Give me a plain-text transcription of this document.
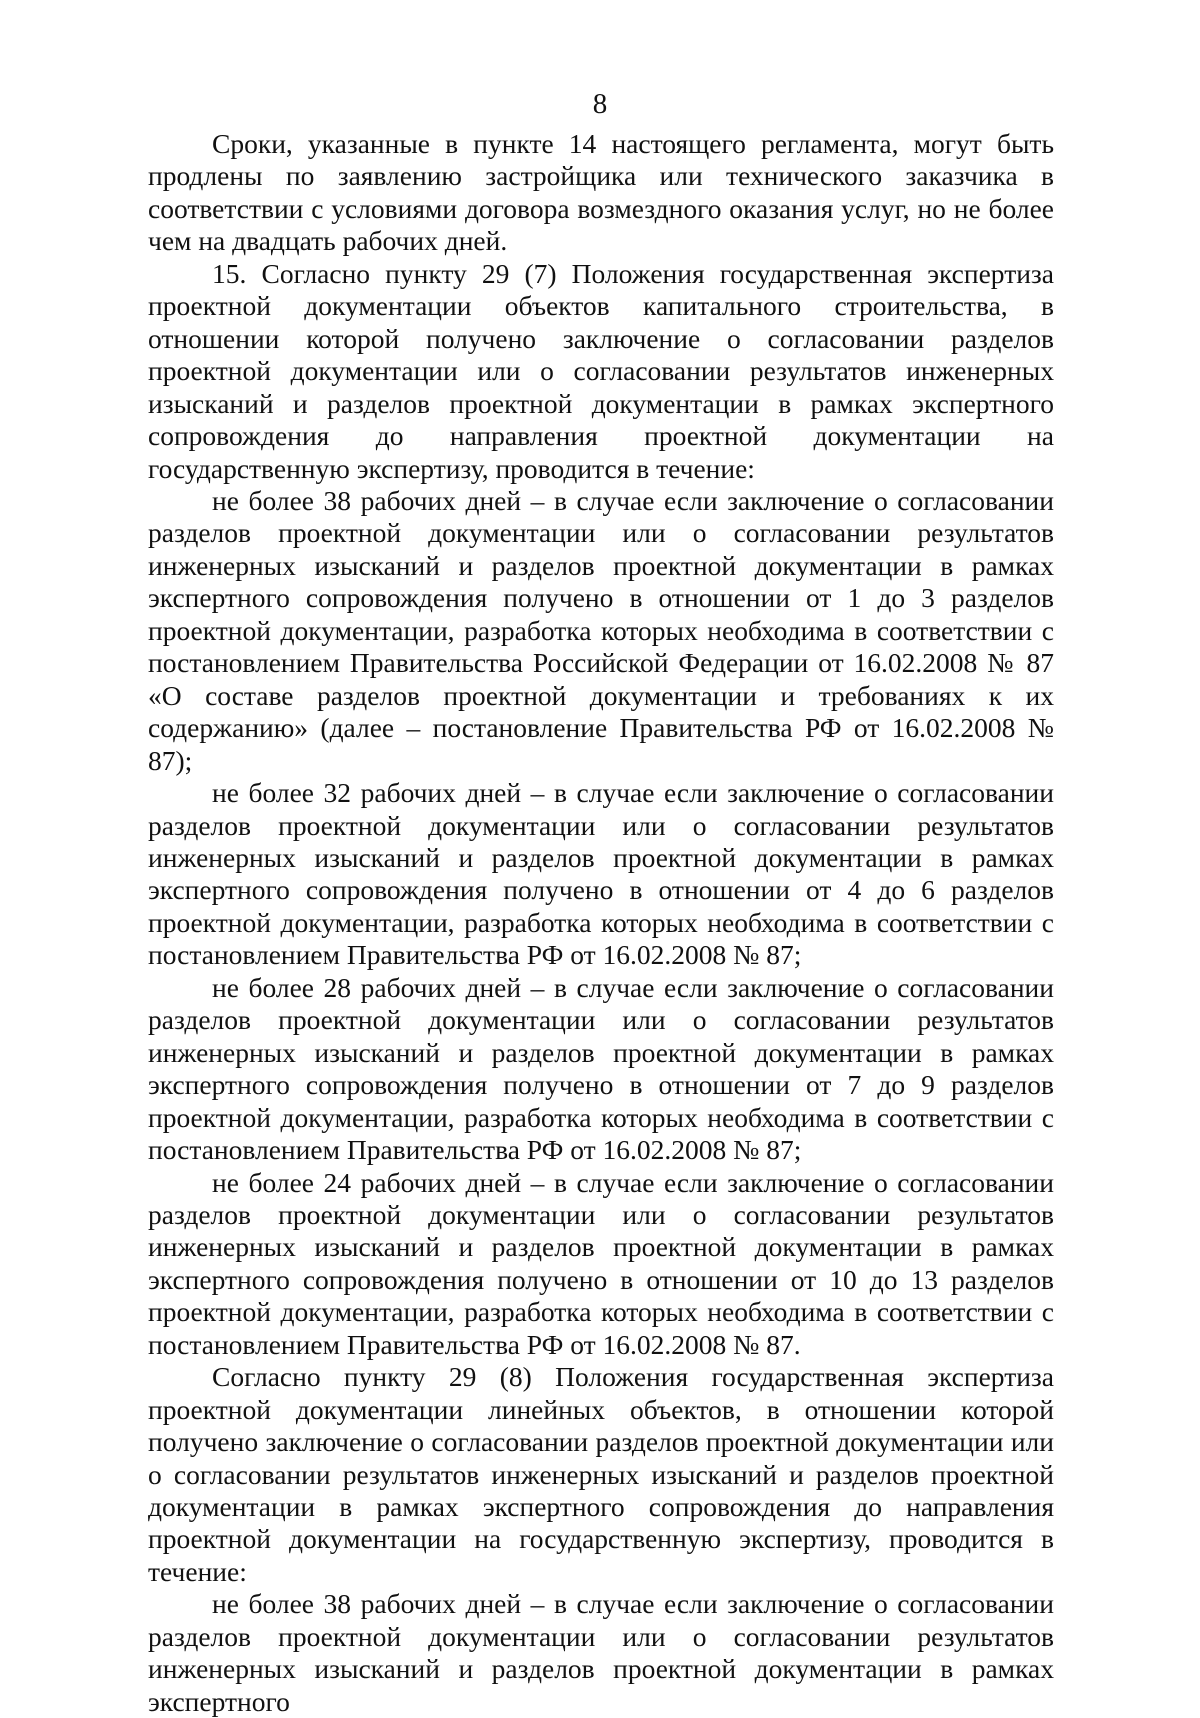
8

Сроки, указанные в пункте 14 настоящего регламента, могут быть продлены по заявлению застройщика или технического заказчика в соответствии с условиями договора возмездного оказания услуг, но не более чем на двадцать рабочих дней.

15. Согласно пункту 29 (7) Положения государственная экспертиза проектной документации объектов капитального строительства, в отношении которой получено заключение о согласовании разделов проектной документации или о согласовании результатов инженерных изысканий и разделов проектной документации в рамках экспертного сопровождения до направления проектной документации на государственную экспертизу, проводится в течение:

не более 38 рабочих дней – в случае если заключение о согласовании разделов проектной документации или о согласовании результатов инженерных изысканий и разделов проектной документации в рамках экспертного сопровождения получено в отношении от 1 до 3 разделов проектной документации, разработка которых необходима в соответствии с постановлением Правительства Российской Федерации от 16.02.2008 № 87 «О составе разделов проектной документации и требованиях к их содержанию» (далее – постановление Правительства РФ от 16.02.2008 № 87);

не более 32 рабочих дней – в случае если заключение о согласовании разделов проектной документации или о согласовании результатов инженерных изысканий и разделов проектной документации в рамках экспертного сопровождения получено в отношении от 4 до 6 разделов проектной документации, разработка которых необходима в соответствии с постановлением Правительства РФ от 16.02.2008 № 87;

не более 28 рабочих дней – в случае если заключение о согласовании разделов проектной документации или о согласовании результатов инженерных изысканий и разделов проектной документации в рамках экспертного сопровождения получено в отношении от 7 до 9 разделов проектной документации, разработка которых необходима в соответствии с постановлением Правительства РФ от 16.02.2008 № 87;

не более 24 рабочих дней – в случае если заключение о согласовании разделов проектной документации или о согласовании результатов инженерных изысканий и разделов проектной документации в рамках экспертного сопровождения получено в отношении от 10 до 13 разделов проектной документации, разработка которых необходима в соответствии с постановлением Правительства РФ от 16.02.2008 № 87.

Согласно пункту 29 (8) Положения государственная экспертиза проектной документации линейных объектов, в отношении которой получено заключение о согласовании разделов проектной документации или о согласовании результатов инженерных изысканий и разделов проектной документации в рамках экспертного сопровождения до направления проектной документации на государственную экспертизу, проводится в течение:

не более 38 рабочих дней – в случае если заключение о согласовании разделов проектной документации или о согласовании результатов инженерных изысканий и разделов проектной документации в рамках экспертного
